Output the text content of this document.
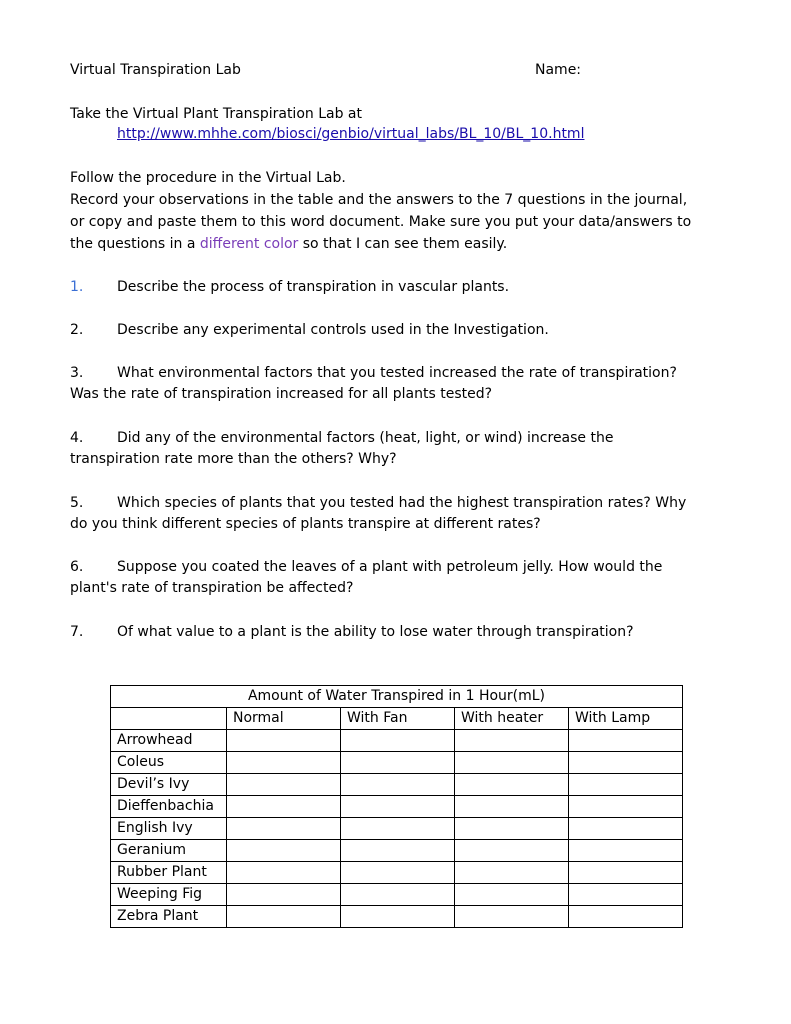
Virtual Transpiration Lab	Name:
Take the Virtual Plant Transpiration Lab at
http://www.mhhe.com/biosci/genbio/virtual_labs/BL_10/BL_10.html
Follow the procedure in the Virtual Lab.
Record your observations in the table and the answers to the 7 questions in the journal,
or copy and paste them to this word document. Make sure you put your data/answers to
the questions in a different color so that I can see them easily.
1. Describe the process of transpiration in vascular plants.
2. Describe any experimental controls used in the Investigation.
3. What environmental factors that you tested increased the rate of transpiration?
Was the rate of transpiration increased for all plants tested?
4. Did any of the environmental factors (heat, light, or wind) increase the
transpiration rate more than the others? Why?
5. Which species of plants that you tested had the highest transpiration rates? Why
do you think different species of plants transpire at different rates?
6. Suppose you coated the leaves of a plant with petroleum jelly. How would the
plant's rate of transpiration be affected?
7. Of what value to a plant is the ability to lose water through transpiration?
Amount of Water Transpired in 1 Hour(mL)				
	Normal	With Fan	With heater	With Lamp
Arrowhead				
Coleus				
Devil’s Ivy				
Dieffenbachia				
English Ivy				
Geranium				
Rubber Plant				
Weeping Fig				
Zebra Plant				
